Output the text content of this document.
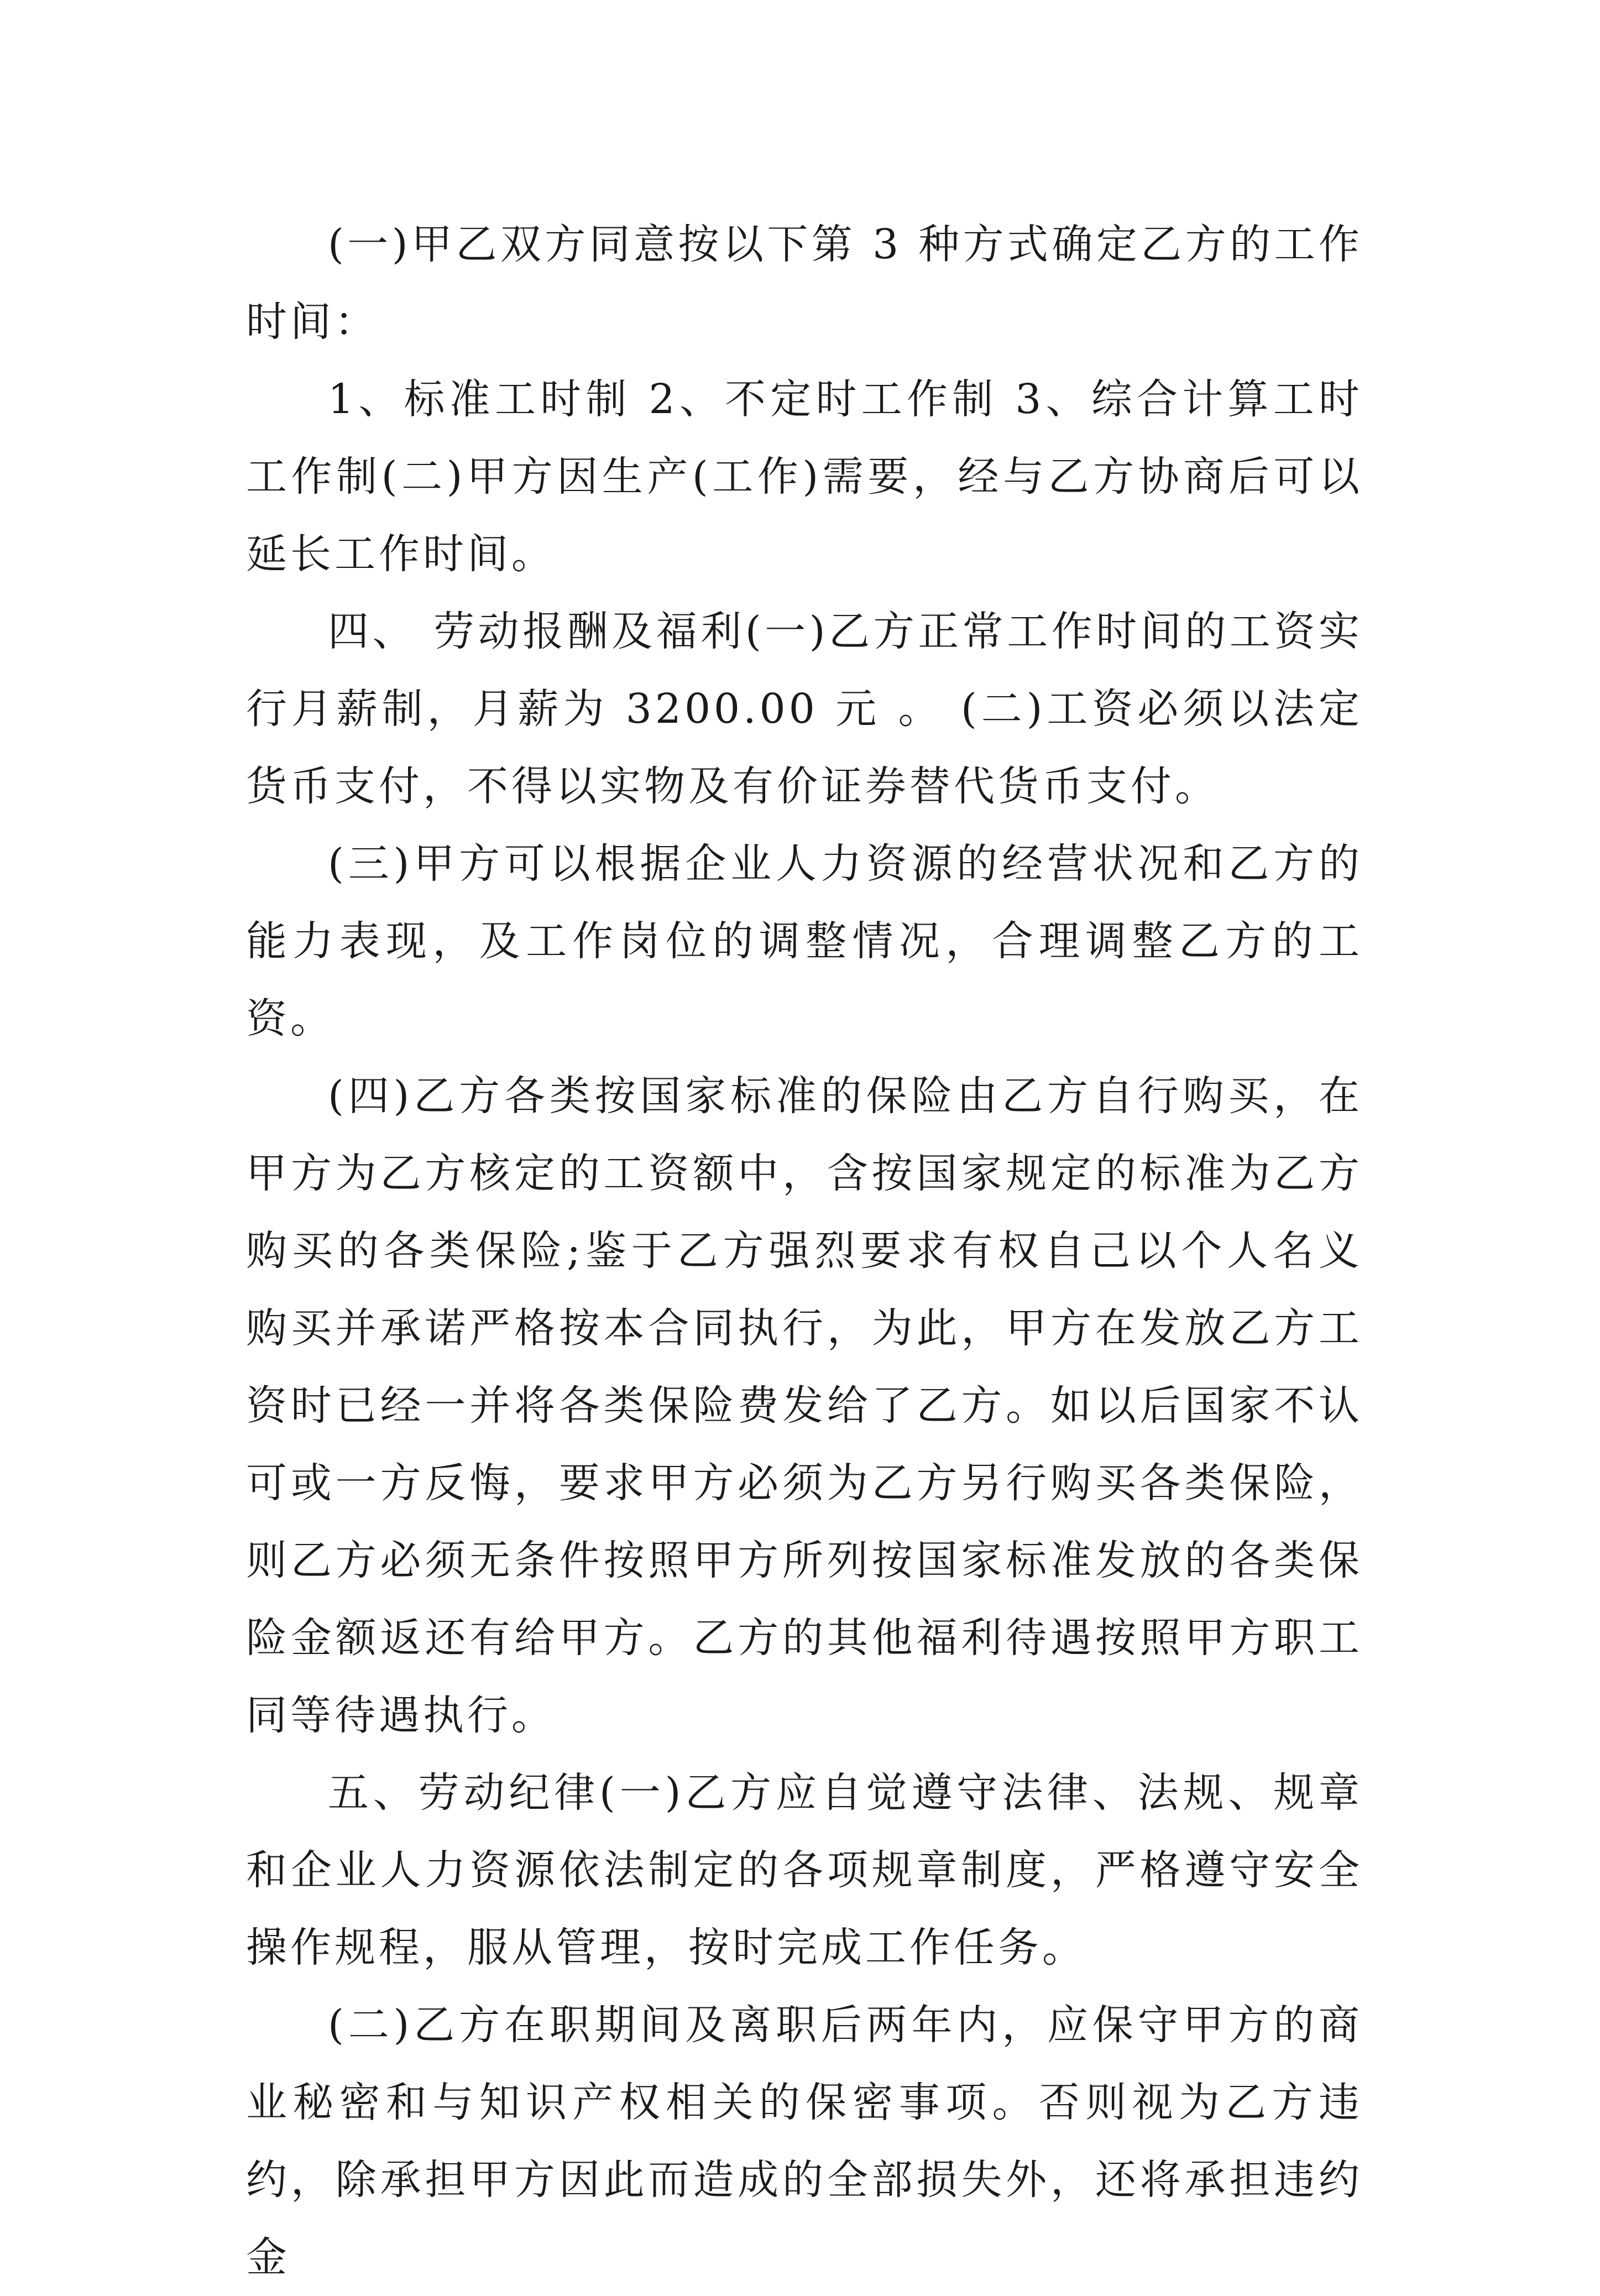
(一)甲乙双方同意按以下第 3 种方式确定乙方的工作时间：

1、标准工时制 2、不定时工作制 3、综合计算工时工作制(二)甲方因生产(工作)需要，经与乙方协商后可以延长工作时间。

四、 劳动报酬及福利(一)乙方正常工作时间的工资实行月薪制，月薪为 3200.00 元 。 (二)工资必须以法定货币支付，不得以实物及有价证券替代货币支付。

(三)甲方可以根据企业人力资源的经营状况和乙方的能力表现，及工作岗位的调整情况，合理调整乙方的工资。

(四)乙方各类按国家标准的保险由乙方自行购买，在甲方为乙方核定的工资额中，含按国家规定的标准为乙方购买的各类保险;鉴于乙方强烈要求有权自己以个人名义购买并承诺严格按本合同执行，为此，甲方在发放乙方工资时已经一并将各类保险费发给了乙方。如以后国家不认可或一方反悔，要求甲方必须为乙方另行购买各类保险，则乙方必须无条件按照甲方所列按国家标准发放的各类保险金额返还有给甲方。乙方的其他福利待遇按照甲方职工同等待遇执行。

五、劳动纪律(一)乙方应自觉遵守法律、法规、规章和企业人力资源依法制定的各项规章制度，严格遵守安全操作规程，服从管理，按时完成工作任务。

(二)乙方在职期间及离职后两年内，应保守甲方的商业秘密和与知识产权相关的保密事项。否则视为乙方违约，除承担甲方因此而造成的全部损失外，还将承担违约金
